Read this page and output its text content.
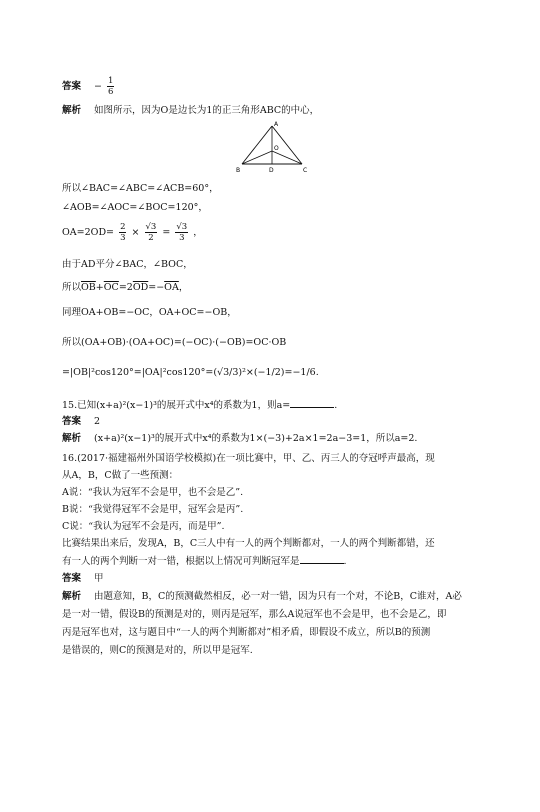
答案 − $\frac{1}{6}$
解析 如图所示，因为O是边长为1的正三角形ABC的中心，
A
O
B	D	C
所以∠BAC=∠ABC=∠ACB=60°，
∠AOB=∠AOC=∠BOC=120°，
$OA=2OD= \frac{2}{3} \times \frac{√3}{2} = \frac{√3}{3}$ ，
由于AD平分∠BAC，∠BOC，
所以$\overline{OB}+\overline{OC}=2\overline{OD}=-\overline{OA}$，
同理OA+OB=−OC，OA+OC=−OB，
所以(OA+OB)·(OA+OC)=(−OC)·(−OB)=OC·OB
=|OB|²cos120°=|OA|²cos120°=(√3/3)²×(−1/2)=−1/6.
15.已知(x+a)²(x−1)³的展开式中x⁴的系数为1，则a=	.
答案 2
解析 (x+a)²(x−1)³的展开式中x⁴的系数为1×(−3)+2a×1=2a−3=1，所以a=2.
16.(2017·福建福州外国语学校模拟)在一项比赛中，甲、乙、丙三人的夺冠呼声最高，现
从A，B，C做了一些预测：
A说：“我认为冠军不会是甲，也不会是乙”.
B说：“我觉得冠军不会是甲，冠军会是丙”.
C说：“我认为冠军不会是丙，而是甲”.
比赛结果出来后，发现A，B，C三人中有一人的两个判断都对，一人的两个判断都错，还
有一人的两个判断一对一错，根据以上情况可判断冠军是	.
答案 甲
解析 由题意知，B，C的预测截然相反，必一对一错，因为只有一个对，不论B，C谁对，A必
是一对一错，假设B的预测是对的，则丙是冠军，那么A说冠军也不会是甲，也不会是乙，即
丙是冠军也对，这与题目中“一人的两个判断都对”相矛盾，即假设不成立，所以B的预测
是错误的，则C的预测是对的，所以甲是冠军.
